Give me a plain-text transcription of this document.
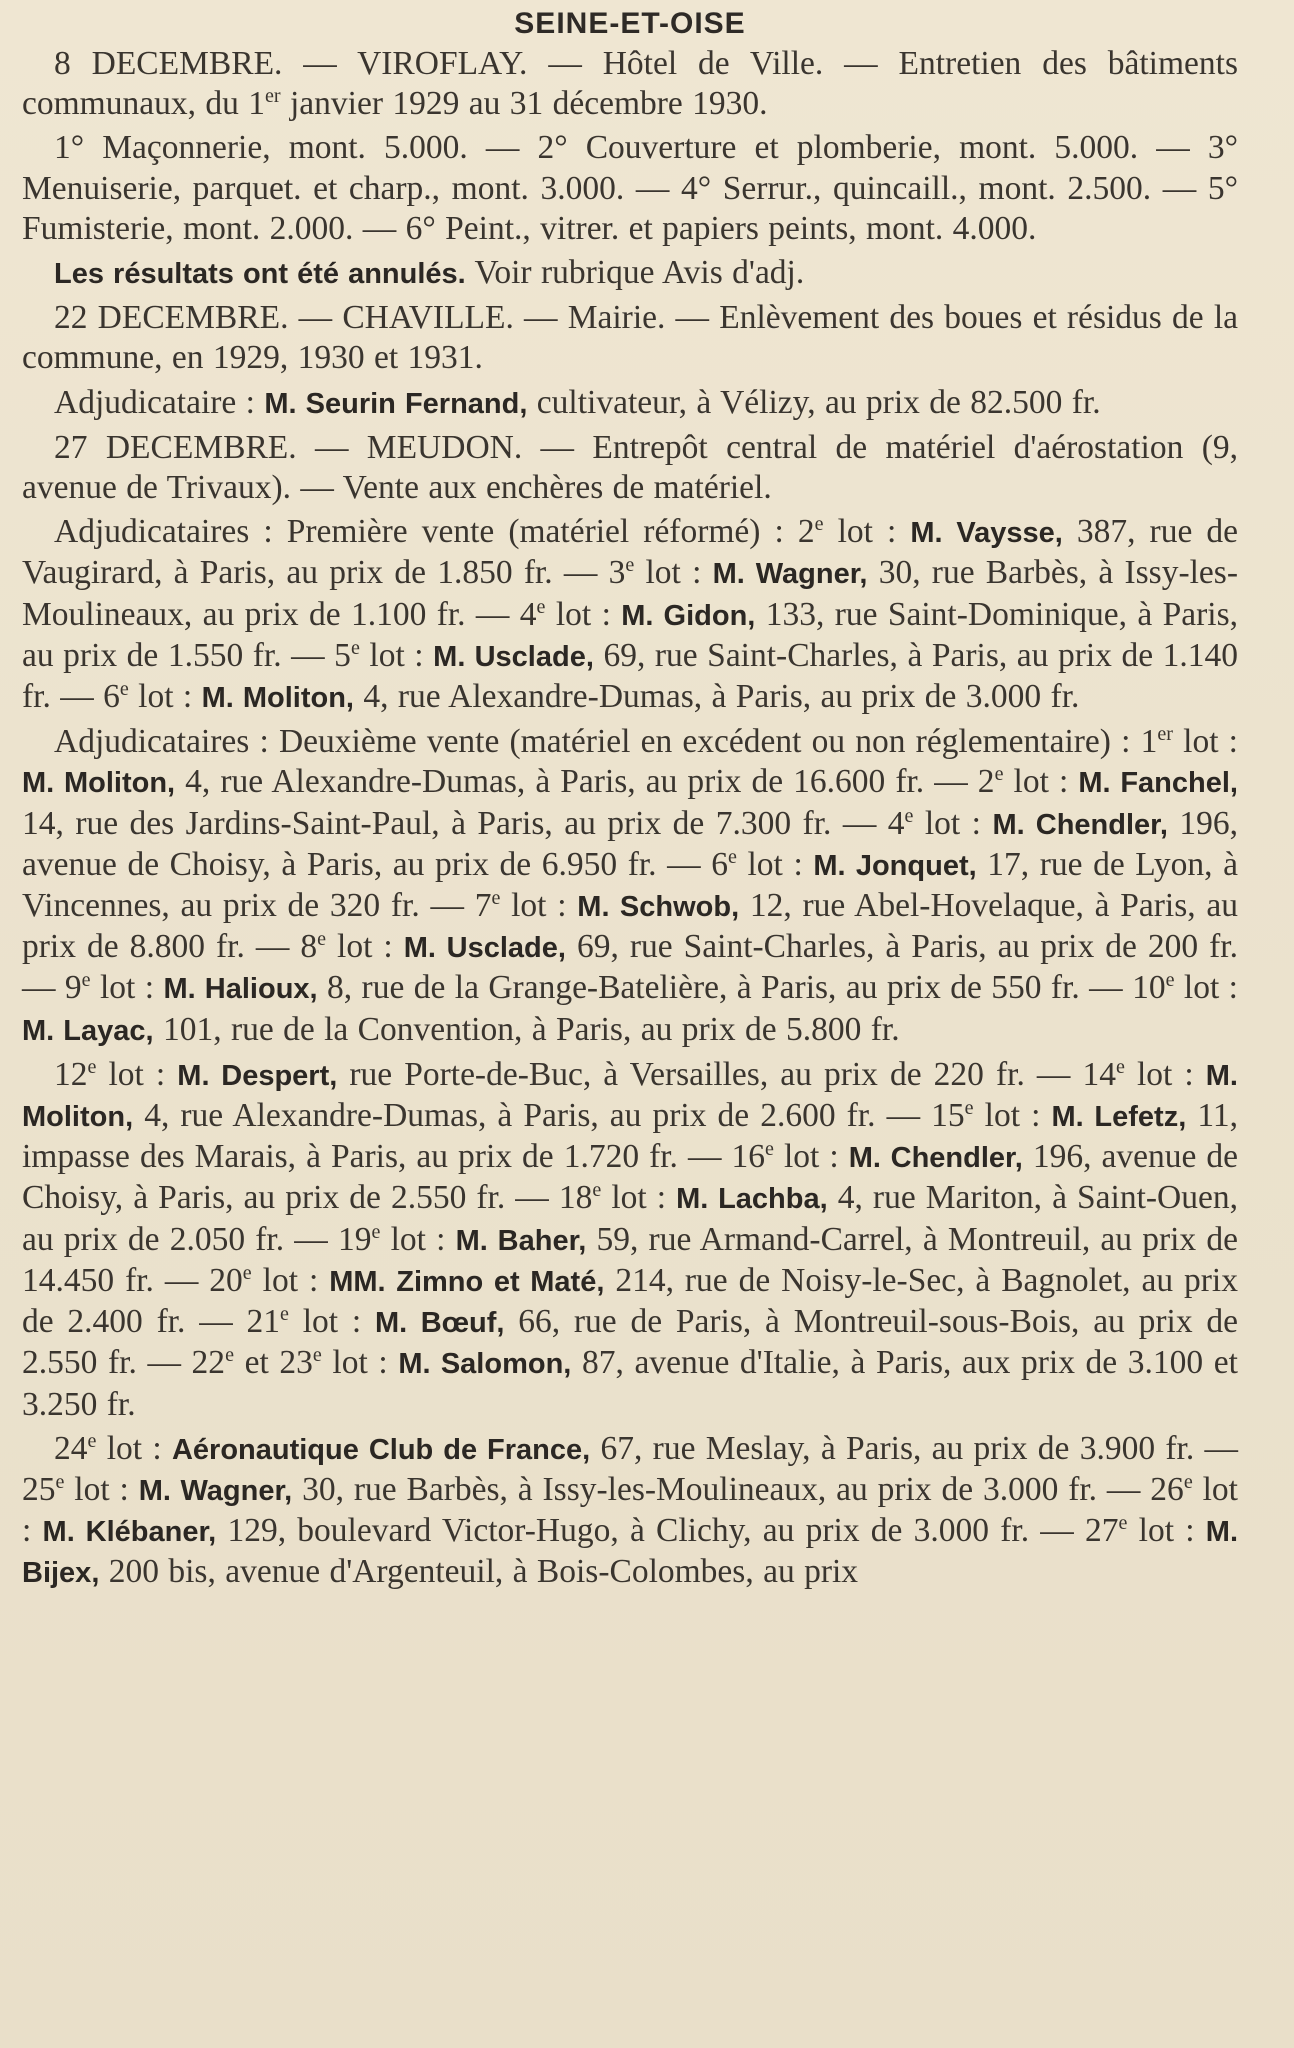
SEINE-ET-OISE

8 DECEMBRE. — VIROFLAY. — Hôtel de Ville. — Entretien des bâtiments communaux, du 1er janvier 1929 au 31 décembre 1930.

1° Maçonnerie, mont. 5.000. — 2° Couverture et plomberie, mont. 5.000. — 3° Menuiserie, parquet. et charp., mont. 3.000. — 4° Serrur., quincaill., mont. 2.500. — 5° Fumisterie, mont. 2.000. — 6° Peint., vitrer. et papiers peints, mont. 4.000.

Les résultats ont été annulés. Voir rubrique Avis d'adj.

22 DECEMBRE. — CHAVILLE. — Mairie. — Enlèvement des boues et résidus de la commune, en 1929, 1930 et 1931.

Adjudicataire : M. Seurin Fernand, cultivateur, à Vélizy, au prix de 82.500 fr.

27 DECEMBRE. — MEUDON. — Entrepôt central de matériel d'aérostation (9, avenue de Trivaux). — Vente aux enchères de matériel.

Adjudicataires : Première vente (matériel réformé) : 2e lot : M. Vaysse, 387, rue de Vaugirard, à Paris, au prix de 1.850 fr. — 3e lot : M. Wagner, 30, rue Barbès, à Issy-les-Moulineaux, au prix de 1.100 fr. — 4e lot : M. Gidon, 133, rue Saint-Dominique, à Paris, au prix de 1.550 fr. — 5e lot : M. Usclade, 69, rue Saint-Charles, à Paris, au prix de 1.140 fr. — 6e lot : M. Moliton, 4, rue Alexandre-Dumas, à Paris, au prix de 3.000 fr.

Adjudicataires : Deuxième vente (matériel en excédent ou non réglementaire) : 1er lot : M. Moliton, 4, rue Alexandre-Dumas, à Paris, au prix de 16.600 fr. — 2e lot : M. Fanchel, 14, rue des Jardins-Saint-Paul, à Paris, au prix de 7.300 fr. — 4e lot : M. Chendler, 196, avenue de Choisy, à Paris, au prix de 6.950 fr. — 6e lot : M. Jonquet, 17, rue de Lyon, à Vincennes, au prix de 320 fr. — 7e lot : M. Schwob, 12, rue Abel-Hovelaque, à Paris, au prix de 8.800 fr. — 8e lot : M. Usclade, 69, rue Saint-Charles, à Paris, au prix de 200 fr. — 9e lot : M. Halioux, 8, rue de la Grange-Batelière, à Paris, au prix de 550 fr. — 10e lot : M. Layac, 101, rue de la Convention, à Paris, au prix de 5.800 fr.

12e lot : M. Despert, rue Porte-de-Buc, à Versailles, au prix de 220 fr. — 14e lot : M. Moliton, 4, rue Alexandre-Dumas, à Paris, au prix de 2.600 fr. — 15e lot : M. Lefetz, 11, impasse des Marais, à Paris, au prix de 1.720 fr. — 16e lot : M. Chendler, 196, avenue de Choisy, à Paris, au prix de 2.550 fr. — 18e lot : M. Lachba, 4, rue Mariton, à Saint-Ouen, au prix de 2.050 fr. — 19e lot : M. Baher, 59, rue Armand-Carrel, à Montreuil, au prix de 14.450 fr. — 20e lot : MM. Zimno et Maté, 214, rue de Noisy-le-Sec, à Bagnolet, au prix de 2.400 fr. — 21e lot : M. Bœuf, 66, rue de Paris, à Montreuil-sous-Bois, au prix de 2.550 fr. — 22e et 23e lot : M. Salomon, 87, avenue d'Italie, à Paris, aux prix de 3.100 et 3.250 fr.

24e lot : Aéronautique Club de France, 67, rue Meslay, à Paris, au prix de 3.900 fr. — 25e lot : M. Wagner, 30, rue Barbès, à Issy-les-Moulineaux, au prix de 3.000 fr. — 26e lot : M. Klébaner, 129, boulevard Victor-Hugo, à Clichy, au prix de 3.000 fr. — 27e lot : M. Bijex, 200 bis, avenue d'Argenteuil, à Bois-Colombes, au prix
